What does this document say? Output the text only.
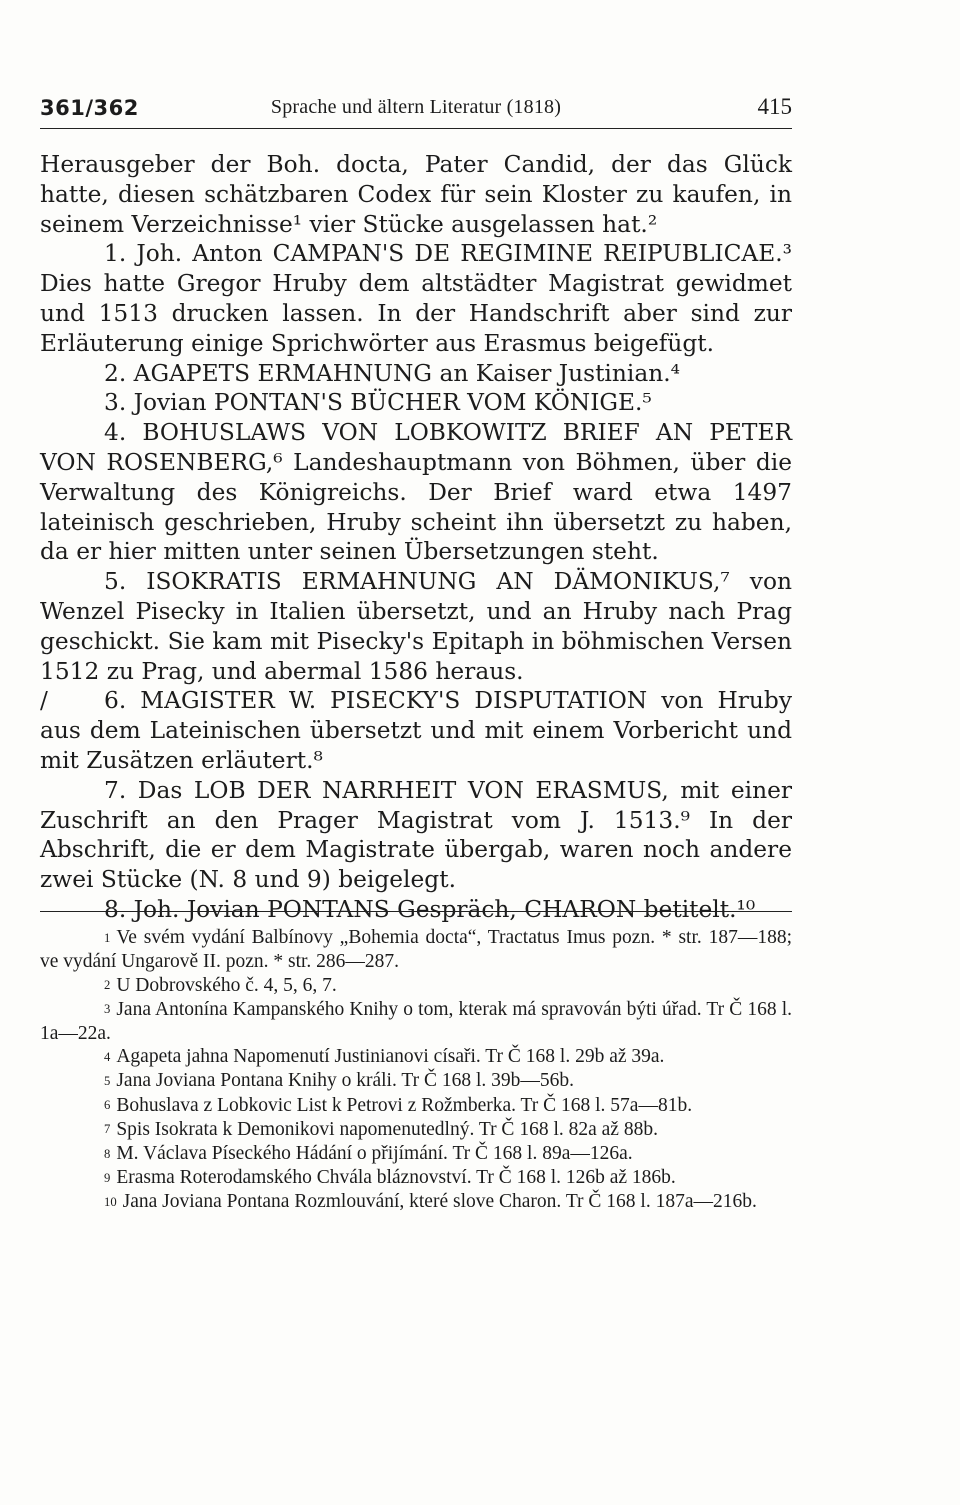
361/362	Sprache und ältern Literatur (1818)	415

Herausgeber der Boh. docta, Pater Candid, der das Glück hatte, diesen schätzbaren Codex für sein Kloster zu kaufen, in seinem Verzeichnisse¹ vier Stücke ausgelassen hat.²

1. Joh. Anton CAMPAN'S DE REGIMINE REIPUBLICAE.³ Dies hatte Gregor Hruby dem altstädter Magistrat gewidmet und 1513 drucken lassen. In der Handschrift aber sind zur Erläuterung einige Sprichwörter aus Erasmus beigefügt.

2. AGAPETS ERMAHNUNG an Kaiser Justinian.⁴

3. Jovian PONTAN'S BÜCHER VOM KÖNIGE.⁵

4. BOHUSLAWS VON LOBKOWITZ BRIEF AN PETER VON ROSENBERG,⁶ Landeshauptmann von Böhmen, über die Verwaltung des Königreichs. Der Brief ward etwa 1497 lateinisch geschrieben, Hruby scheint ihn übersetzt zu haben, da er hier mitten unter seinen Übersetzungen steht.

5. ISOKRATIS ERMAHNUNG AN DÄMONIKUS,⁷ von Wenzel Pisecky in Italien übersetzt, und an Hruby nach Prag geschickt. Sie kam mit Pisecky's Epitaph in böhmischen Versen 1512 zu Prag, und abermal 1586 heraus.

/ 6. MAGISTER W. PISECKY'S DISPUTATION von Hruby aus dem Lateinischen übersetzt und mit einem Vorbericht und mit Zusätzen erläutert.⁸

7. Das LOB DER NARRHEIT VON ERASMUS, mit einer Zuschrift an den Prager Magistrat vom J. 1513.⁹ In der Abschrift, die er dem Magistrate übergab, waren noch andere zwei Stücke (N. 8 und 9) beigelegt.

8. Joh. Jovian PONTANS Gespräch, CHARON betitelt.¹⁰

1 Ve svém vydání Balbínovy „Bohemia docta“, Tractatus Imus pozn. * str. 187—188; ve vydání Ungarově II. pozn. * str. 286—287.

2 U Dobrovského č. 4, 5, 6, 7.

3 Jana Antonína Kampanského Knihy o tom, kterak má spravován býti úřad. Tr Č 168 l. 1a—22a.

4 Agapeta jahna Napomenutí Justinianovi císaři. Tr Č 168 l. 29b až 39a.

5 Jana Joviana Pontana Knihy o králi. Tr Č 168 l. 39b—56b.

6 Bohuslava z Lobkovic List k Petrovi z Rožmberka. Tr Č 168 l. 57a—81b.

7 Spis Isokrata k Demonikovi napomenutedlný. Tr Č 168 l. 82a až 88b.

8 M. Václava Píseckého Hádání o přijímání. Tr Č 168 l. 89a—126a.

9 Erasma Roterodamského Chvála bláznovství. Tr Č 168 l. 126b až 186b.

10 Jana Joviana Pontana Rozmlouvání, které slove Charon. Tr Č 168 l. 187a—216b.
